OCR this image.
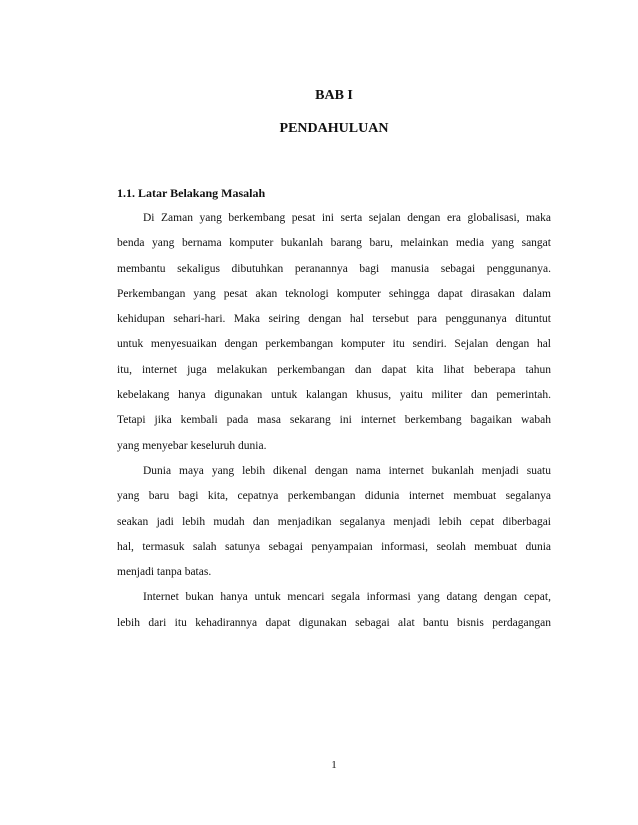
BAB I
PENDAHULUAN
1.1. Latar Belakang Masalah
Di Zaman yang berkembang pesat ini serta sejalan dengan era globalisasi, maka
benda yang bernama komputer bukanlah barang baru, melainkan media yang sangat
membantu sekaligus dibutuhkan peranannya bagi manusia sebagai penggunanya.
Perkembangan yang pesat akan teknologi komputer sehingga dapat dirasakan dalam
kehidupan sehari-hari. Maka seiring dengan hal tersebut para penggunanya dituntut
untuk menyesuaikan dengan perkembangan komputer itu sendiri. Sejalan dengan hal
itu, internet juga melakukan perkembangan dan dapat kita lihat beberapa tahun
kebelakang hanya digunakan untuk kalangan khusus, yaitu militer dan pemerintah.
Tetapi jika kembali pada masa sekarang ini internet berkembang bagaikan wabah
yang menyebar keseluruh dunia.
Dunia maya yang lebih dikenal dengan nama internet bukanlah menjadi suatu
yang baru bagi kita, cepatnya perkembangan didunia internet membuat segalanya
seakan jadi lebih mudah dan menjadikan segalanya menjadi lebih cepat diberbagai
hal, termasuk salah satunya sebagai penyampaian informasi, seolah membuat dunia
menjadi tanpa batas.
Internet bukan hanya untuk mencari segala informasi yang datang dengan cepat,
lebih dari itu kehadirannya dapat digunakan sebagai alat bantu bisnis perdagangan
1
